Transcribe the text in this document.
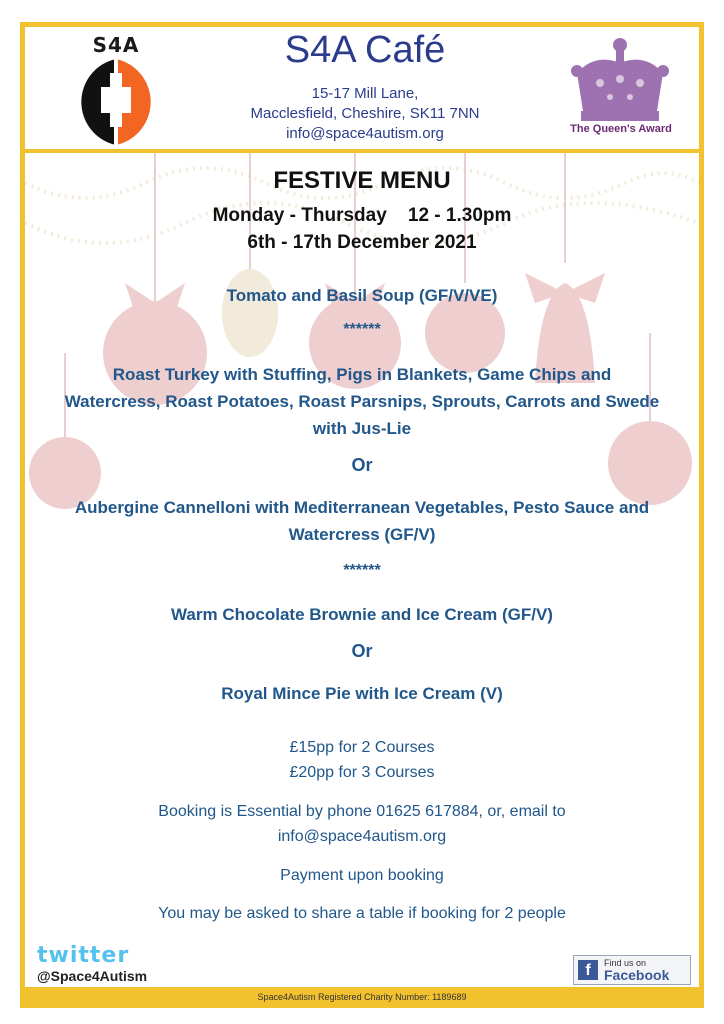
S4A	S4A Café
15-17 Mill Lane,
Macclesfield, Cheshire, SK11 7NN
info@space4autism.org	The Queen's Award
FESTIVE MENU
Monday - Thursday    12 - 1.30pm
6th - 17th December 2021
Tomato and Basil Soup (GF/V/VE)
******
Roast Turkey with Stuffing, Pigs in Blankets, Game Chips and
Watercress, Roast Potatoes, Roast Parsnips, Sprouts, Carrots and Swede
with Jus-Lie
Or
Aubergine Cannelloni with Mediterranean Vegetables, Pesto Sauce and
Watercress (GF/V)
******
Warm Chocolate Brownie and Ice Cream (GF/V)
Or
Royal Mince Pie with Ice Cream (V)
£15pp for 2 Courses
£20pp for 3 Courses
Booking is Essential by phone 01625 617884, or, email to
info@space4autism.org
Payment upon booking
You may be asked to share a table if booking for 2 people
twitter
@Space4Autism	f	Find us on
Facebook
Space4Autism Registered Charity Number: 1189689
